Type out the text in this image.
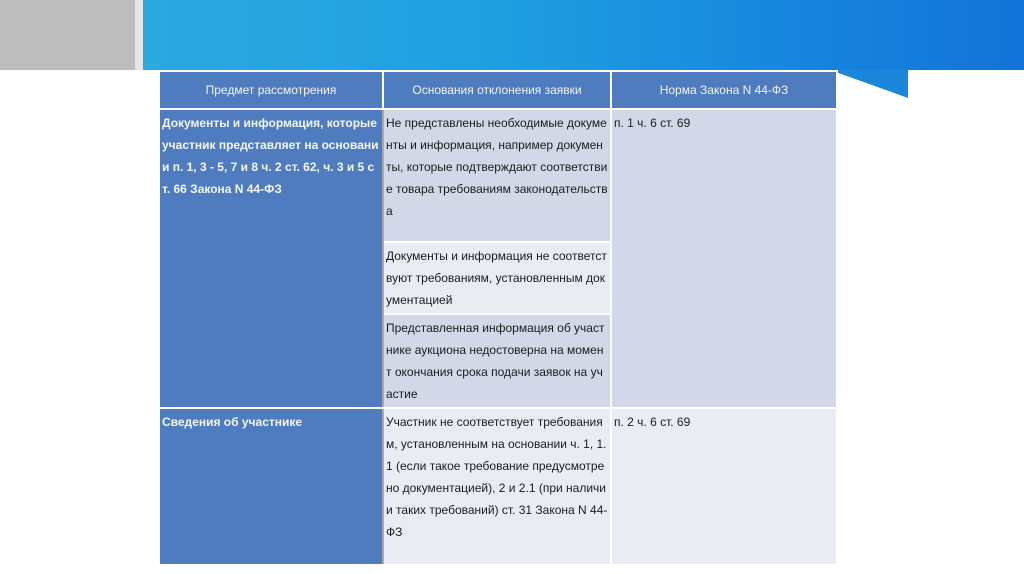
Предмет рассмотрения	Основания отклонения заявки	Норма Закона N 44-ФЗ
Документы и информация, которые участник представляет на основании п. 1, 3 - 5, 7 и 8 ч. 2 ст. 62, ч. 3 и 5 ст. 66 Закона N 44-ФЗ	Не представлены необходимые документы и информация, например документы, которые подтверждают соответствие товара требованиям законодательства	п. 1 ч. 6 ст. 69
	Документы и информация не соответствуют требованиям, установленным документацией	
	Представленная информация об участнике аукциона недостоверна на момент окончания срока подачи заявок на участие	
Сведения об участнике	Участник не соответствует требованиям, установленным на основании ч. 1, 1.1 (если такое требование предусмотрено документацией), 2 и 2.1 (при наличии таких требований) ст. 31 Закона N 44-ФЗ	п. 2 ч. 6 ст. 69
